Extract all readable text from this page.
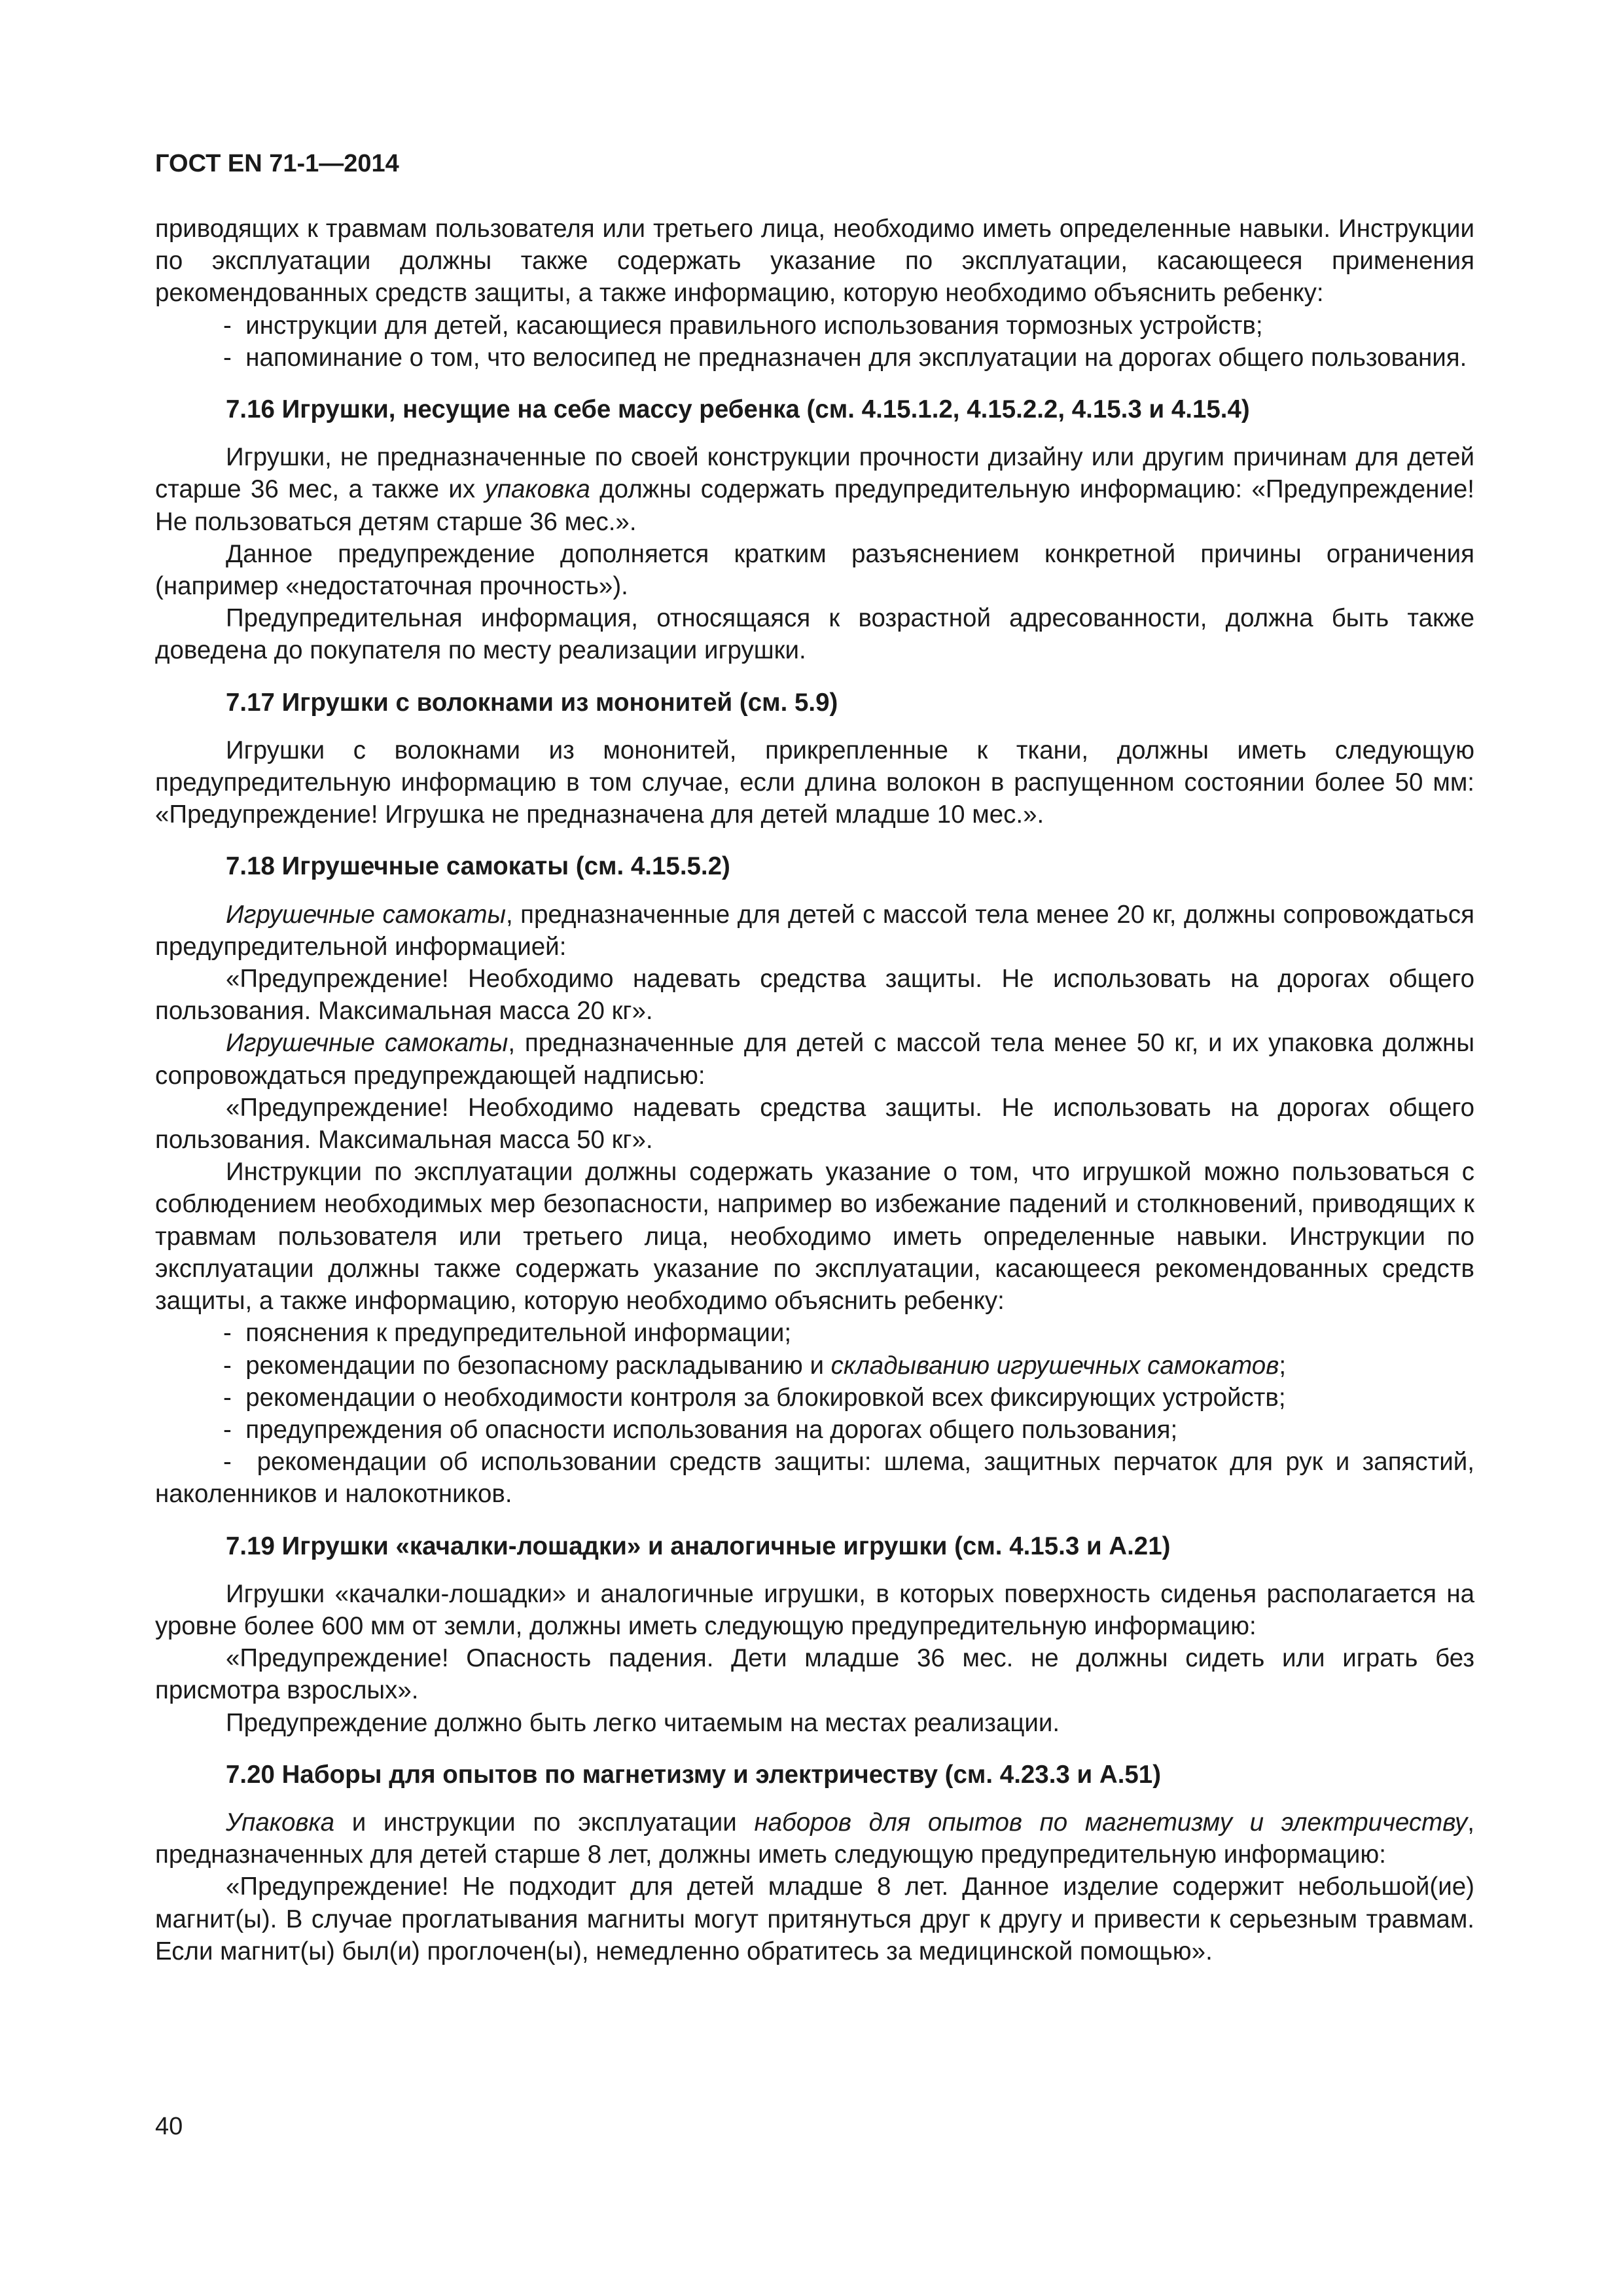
ГОСТ EN 71-1—2014

приводящих к травмам пользователя или третьего лица, необходимо иметь определенные навыки. Инструкции по эксплуатации должны также содержать указание по эксплуатации, касающееся применения рекомендованных средств защиты, а также информацию, которую необходимо объяснить ребенку:

-  инструкции для детей, касающиеся правильного использования тормозных устройств;

-  напоминание о том, что велосипед не предназначен для эксплуатации на дорогах общего пользования.

7.16 Игрушки, несущие на себе массу ребенка (см. 4.15.1.2, 4.15.2.2, 4.15.3 и 4.15.4)

Игрушки, не предназначенные по своей конструкции прочности дизайну или другим причинам для детей старше 36 мес, а также их упаковка должны содержать предупредительную информацию: «Предупреждение! Не пользоваться детям старше 36 мес.».

Данное предупреждение дополняется кратким разъяснением конкретной причины ограничения (например «недостаточная прочность»).

Предупредительная информация, относящаяся к возрастной адресованности, должна быть также доведена до покупателя по месту реализации игрушки.

7.17 Игрушки с волокнами из мононитей (см. 5.9)

Игрушки с волокнами из мононитей, прикрепленные к ткани, должны иметь следующую предупредительную информацию в том случае, если длина волокон в распущенном состоянии более 50 мм: «Предупреждение! Игрушка не предназначена для детей младше 10 мес.».

7.18 Игрушечные самокаты (см. 4.15.5.2)

Игрушечные самокаты, предназначенные для детей с массой тела менее 20 кг, должны сопровождаться предупредительной информацией:

«Предупреждение! Необходимо надевать средства защиты. Не использовать на дорогах общего пользования. Максимальная масса 20 кг».

Игрушечные самокаты, предназначенные для детей с массой тела менее 50 кг, и их упаковка должны сопровождаться предупреждающей надписью:

«Предупреждение! Необходимо надевать средства защиты. Не использовать на дорогах общего пользования. Максимальная масса 50 кг».

Инструкции по эксплуатации должны содержать указание о том, что игрушкой можно пользоваться с соблюдением необходимых мер безопасности, например во избежание падений и столкновений, приводящих к травмам пользователя или третьего лица, необходимо иметь определенные навыки. Инструкции по эксплуатации должны также содержать указание по эксплуатации, касающееся рекомендованных средств защиты, а также информацию, которую необходимо объяснить ребенку:

-  пояснения к предупредительной информации;

-  рекомендации по безопасному раскладыванию и складыванию игрушечных самокатов;

-  рекомендации о необходимости контроля за блокировкой всех фиксирующих устройств;

-  предупреждения об опасности использования на дорогах общего пользования;

-  рекомендации об использовании средств защиты: шлема, защитных перчаток для рук и запястий, наколенников и налокотников.

7.19 Игрушки «качалки-лошадки» и аналогичные игрушки (см. 4.15.3 и А.21)

Игрушки «качалки-лошадки» и аналогичные игрушки, в которых поверхность сиденья располагается на уровне более 600 мм от земли, должны иметь следующую предупредительную информацию:

«Предупреждение! Опасность падения. Дети младше 36 мес. не должны сидеть или играть без присмотра взрослых».

Предупреждение должно быть легко читаемым на местах реализации.

7.20 Наборы для опытов по магнетизму и электричеству (см. 4.23.3 и А.51)

Упаковка и инструкции по эксплуатации наборов для опытов по магнетизму и электричеству, предназначенных для детей старше 8 лет, должны иметь следующую предупредительную информацию:

«Предупреждение! Не подходит для детей младше 8 лет. Данное изделие содержит небольшой(ие) магнит(ы). В случае проглатывания магниты могут притянуться друг к другу и привести к серьезным травмам. Если магнит(ы) был(и) проглочен(ы), немедленно обратитесь за медицинской помощью».

40
